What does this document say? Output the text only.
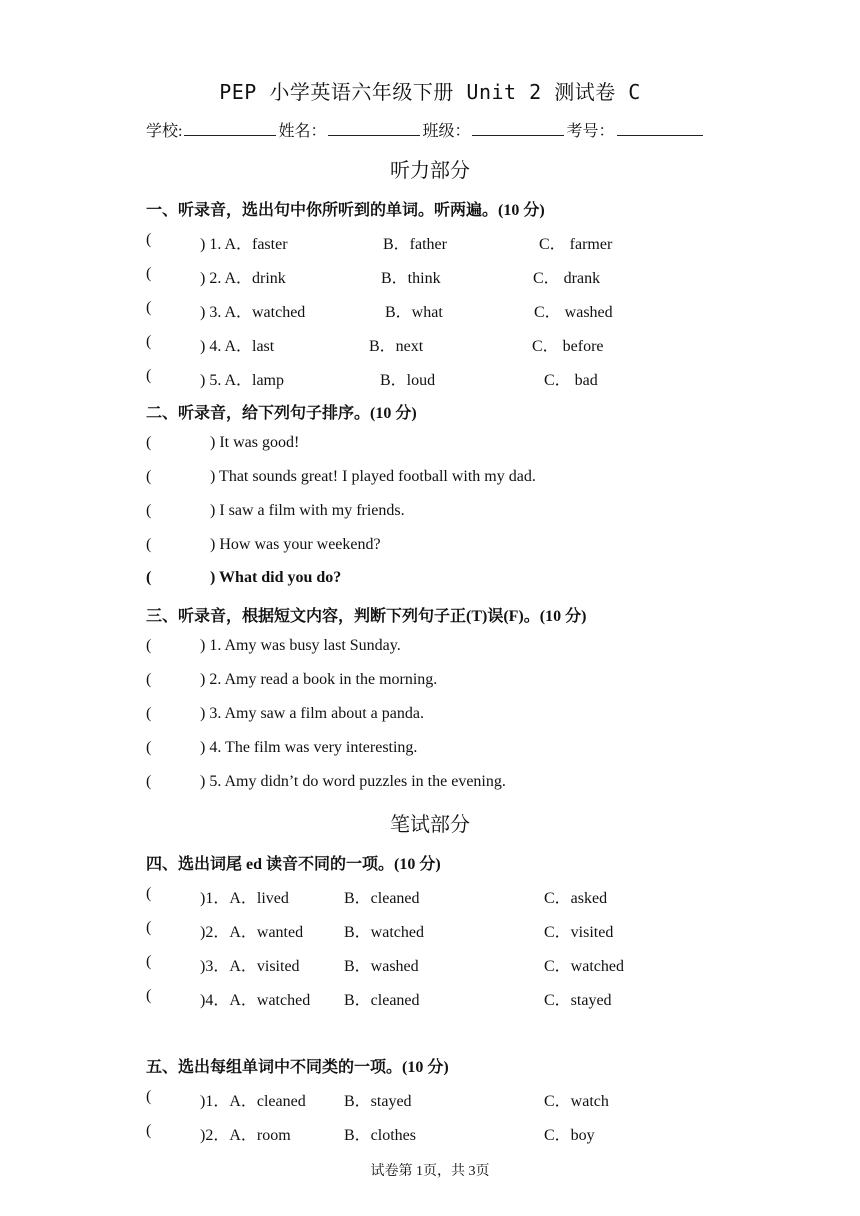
PEP 小学英语六年级下册 Unit 2 测试卷 C
学校:	姓名：	班级：	考号：
听力部分
一、听录音，选出句中你所听到的单词。听两遍。(10 分)
(	) 1. A．faster	B．father	C． farmer
(	) 2. A．drink	B．think	C． drank
(	) 3. A．watched	B．what	C． washed
(	) 4. A．last	B．next	C． before
(	) 5. A．lamp	B．loud	C． bad
二、听录音，给下列句子排序。(10 分)
(	) It was good!
(	) That sounds great! I played football with my dad.
(	) I saw a film with my friends.
(	) How was your weekend?
(	) What did you do?
三、听录音，根据短文内容，判断下列句子正(T)误(F)。(10 分)
(	) 1. Amy was busy last Sunday.
(	) 2. Amy read a book in the morning.
(	) 3. Amy saw a film about a panda.
(	) 4. The film was very interesting.
(	) 5. Amy didn’t do word puzzles in the evening.
笔试部分
四、选出词尾 ed 读音不同的一项。(10 分)
(	)1．A．lived	B．cleaned	C．asked
(	)2．A．wanted	B．watched	C．visited
(	)3．A．visited	B．washed	C．watched
(	)4．A．watched B．cleaned	C．stayed
五、选出每组单词中不同类的一项。(10 分)
(	)1．A．cleaned B．stayed	C．watch
(	)2．A．room	B．clothes	C．boy
试卷第 1页，共 3页
